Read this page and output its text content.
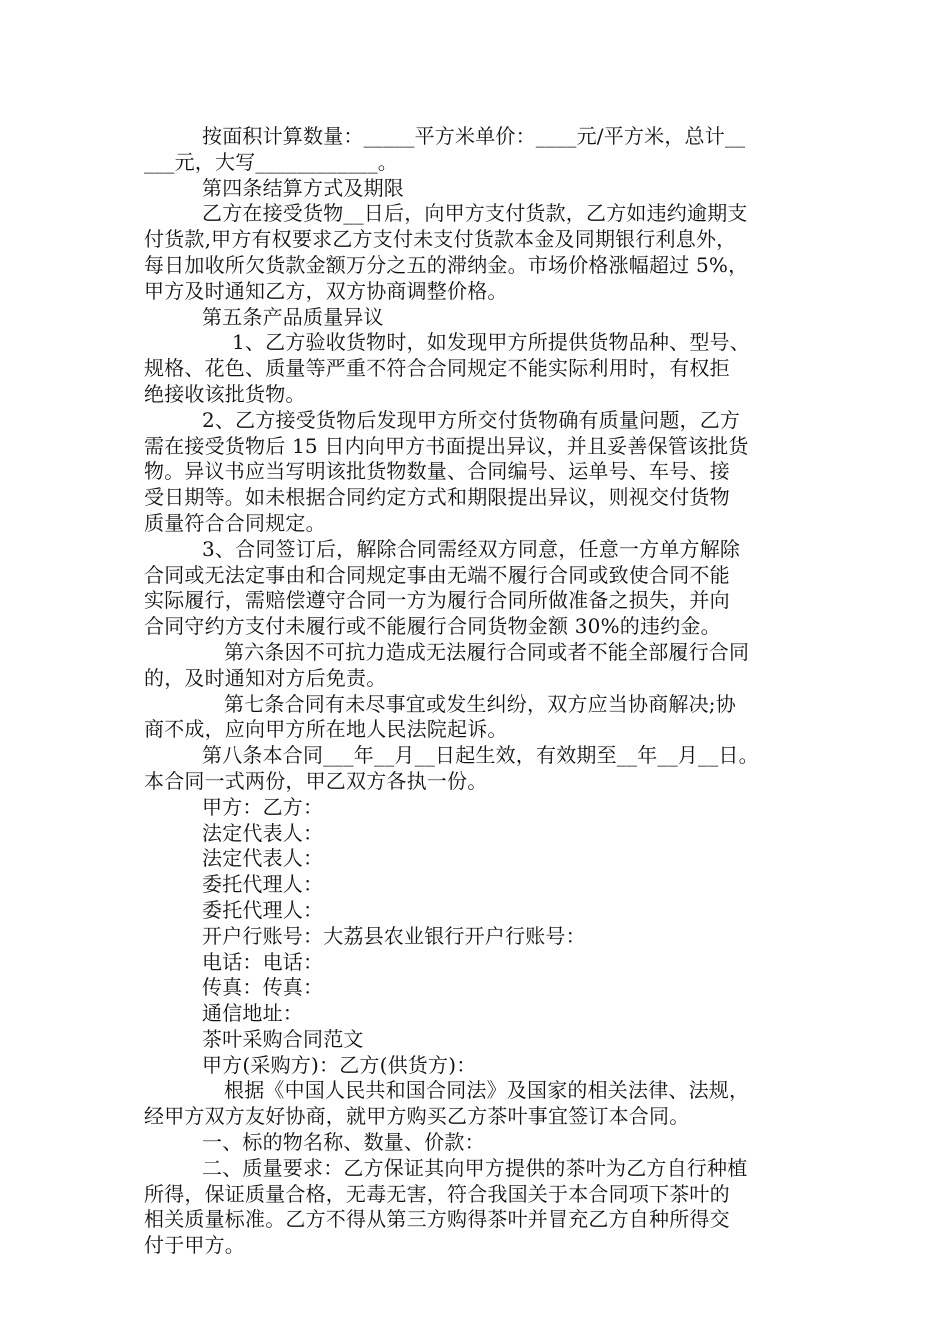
按面积计算数量：_____平方米单价：____元/平方米，总计__
___元，大写____________。
第四条结算方式及期限
乙方在接受货物__日后，向甲方支付货款，乙方如违约逾期支
付货款,甲方有权要求乙方支付未支付货款本金及同期银行利息外，
每日加收所欠货款金额万分之五的滞纳金。市场价格涨幅超过 5%，
甲方及时通知乙方，双方协商调整价格。
第五条产品质量异议
1、乙方验收货物时，如发现甲方所提供货物品种、型号、
规格、花色、质量等严重不符合合同规定不能实际利用时，有权拒
绝接收该批货物。
2、乙方接受货物后发现甲方所交付货物确有质量问题，乙方
需在接受货物后 15 日内向甲方书面提出异议，并且妥善保管该批货
物。异议书应当写明该批货物数量、合同编号、运单号、车号、接
受日期等。如未根据合同约定方式和期限提出异议，则视交付货物
质量符合合同规定。
3、合同签订后，解除合同需经双方同意，任意一方单方解除
合同或无法定事由和合同规定事由无端不履行合同或致使合同不能
实际履行，需赔偿遵守合同一方为履行合同所做准备之损失，并向
合同守约方支付未履行或不能履行合同货物金额 30%的违约金。
第六条因不可抗力造成无法履行合同或者不能全部履行合同
的，及时通知对方后免责。
第七条合同有未尽事宜或发生纠纷，双方应当协商解决;协
商不成，应向甲方所在地人民法院起诉。
第八条本合同___年__月__日起生效，有效期至__年__月__日。
本合同一式两份，甲乙双方各执一份。
甲方：乙方：
法定代表人：
法定代表人：
委托代理人：
委托代理人：
开户行账号：大荔县农业银行开户行账号：
电话：电话：
传真：传真：
通信地址：
茶叶采购合同范文
甲方(采购方)：乙方(供货方)：
根据《中国人民共和国合同法》及国家的相关法律、法规，
经甲方双方友好协商，就甲方购买乙方茶叶事宜签订本合同。
一、标的物名称、数量、价款：
二、质量要求：乙方保证其向甲方提供的茶叶为乙方自行种植
所得，保证质量合格，无毒无害，符合我国关于本合同项下茶叶的
相关质量标准。乙方不得从第三方购得茶叶并冒充乙方自种所得交
付于甲方。
